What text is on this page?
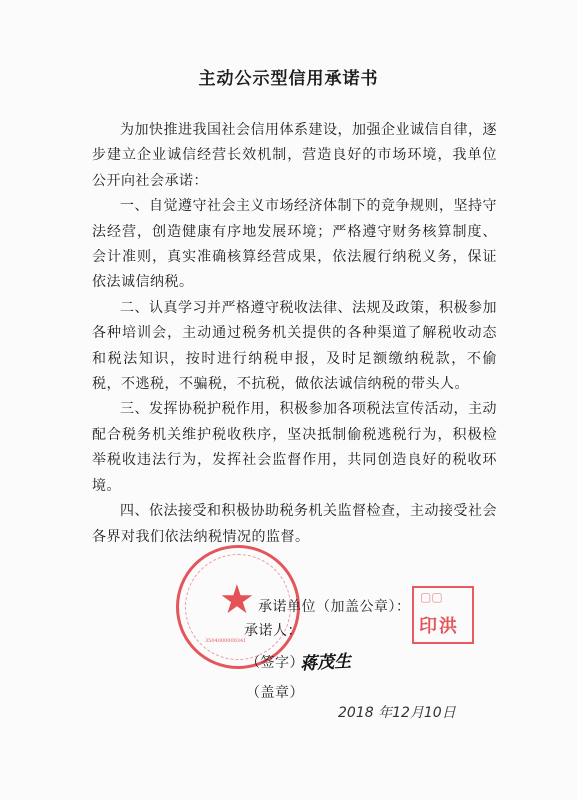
主动公示型信用承诺书

为加快推进我国社会信用体系建设，加强企业诚信自律，逐步建立企业诚信经营长效机制，营造良好的市场环境，我单位公开向社会承诺：

一、自觉遵守社会主义市场经济体制下的竞争规则，坚持守法经营，创造健康有序地发展环境；严格遵守财务核算制度、会计准则，真实准确核算经营成果，依法履行纳税义务，保证依法诚信纳税。

二、认真学习并严格遵守税收法律、法规及政策，积极参加各种培训会，主动通过税务机关提供的各种渠道了解税收动态和税法知识，按时进行纳税申报，及时足额缴纳税款，不偷税，不逃税，不骗税，不抗税，做依法诚信纳税的带头人。

三、发挥协税护税作用，积极参加各项税法宣传活动，主动配合税务机关维护税收秩序，坚决抵制偷税逃税行为，积极检举税收违法行为，发挥社会监督作用，共同创造良好的税收环境。

四、依法接受和积极协助税务机关监督检查，主动接受社会各界对我们依法纳税情况的监督。

★
3504000000341
承诺单位（加盖公章）：
承诺人：
（签字）
（盖章）
▢▢
印洪
蒋茂生
2018 年12月10日
